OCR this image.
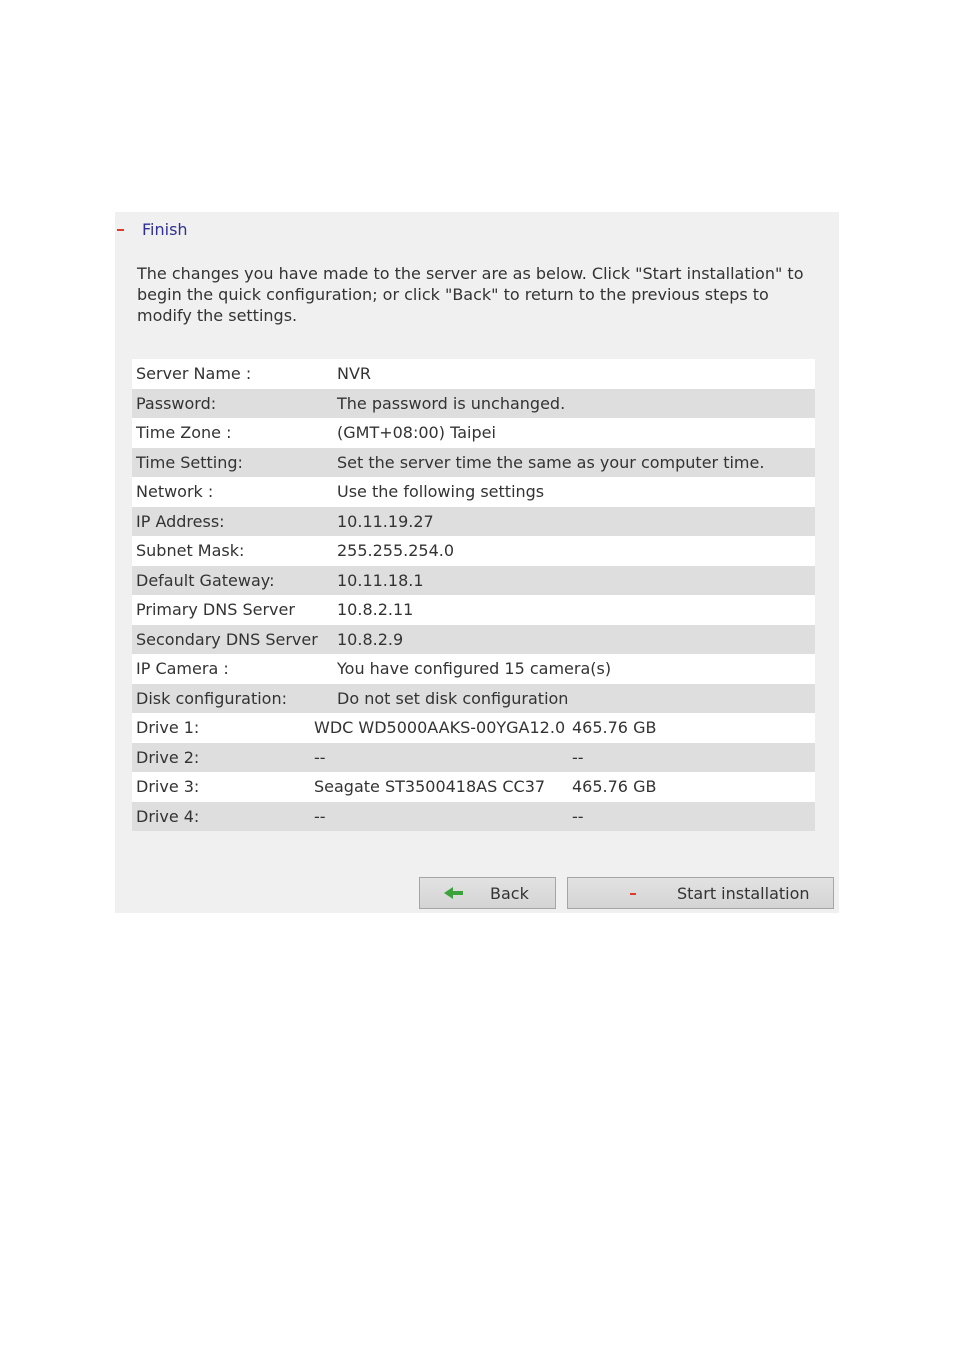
Finish
The changes you have made to the server are as below. Click "Start installation" to begin the quick configuration; or click "Back" to return to the previous steps to modify the settings.
Server Name :	NVR
Password:	The password is unchanged.
Time Zone :	(GMT+08:00) Taipei
Time Setting:	Set the server time the same as your computer time.
Network :	Use the following settings
IP Address:	10.11.19.27
Subnet Mask:	255.255.254.0
Default Gateway:	10.11.18.1
Primary DNS Server	10.8.2.11
Secondary DNS Server	10.8.2.9
IP Camera :	You have configured 15 camera(s)
Disk configuration:	Do not set disk configuration
Drive 1:	WDC WD5000AAKS-00YGA12.0 465.76 GB
Drive 2:	--	--
Drive 3:	Seagate ST3500418AS CC37	465.76 GB
Drive 4:	--	--
Back	Start installation
